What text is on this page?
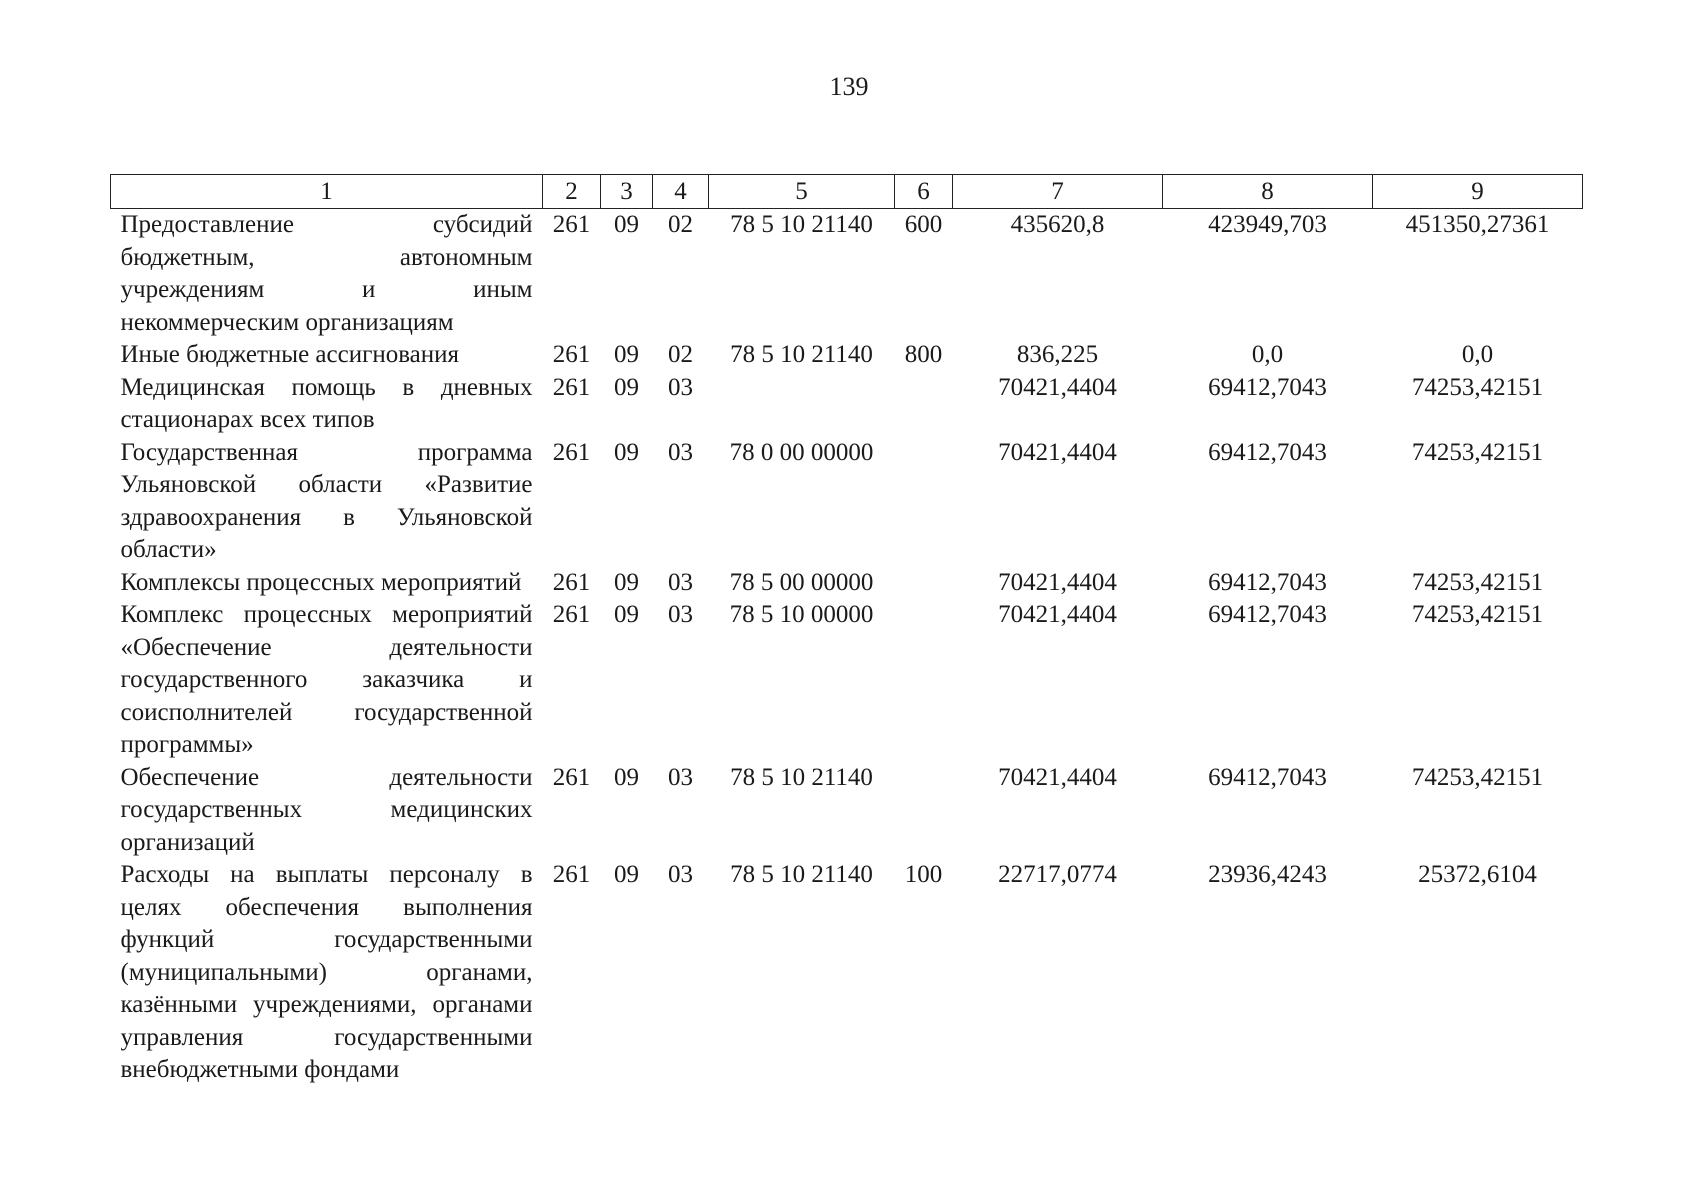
139
1	2	3	4	5	6	7	8	9
Предоставление субсидий бюджетным, автономным учреждениям и иным некоммерческим организациям	261	09	02	78 5 10 21140	600	435620,8	423949,703	451350,27361
Иные бюджетные ассигнования	261	09	02	78 5 10 21140	800	836,225	0,0	0,0
Медицинская помощь в дневных стационарах всех типов	261	09	03			70421,4404	69412,7043	74253,42151
Государственная программа Ульяновской области «Развитие здравоохранения в Ульяновской области»	261	09	03	78 0 00 00000		70421,4404	69412,7043	74253,42151
Комплексы процессных мероприятий	261	09	03	78 5 00 00000		70421,4404	69412,7043	74253,42151
Комплекс процессных мероприятий «Обеспечение деятельности государственного заказчика и соисполнителей государственной программы»	261	09	03	78 5 10 00000		70421,4404	69412,7043	74253,42151
Обеспечение деятельности государственных медицинских организаций	261	09	03	78 5 10 21140		70421,4404	69412,7043	74253,42151
Расходы на выплаты персоналу в целях обеспечения выполнения функций государственными (муниципальными) органами, казёнными учреждениями, органами управления государственными внебюджетными фондами	261	09	03	78 5 10 21140	100	22717,0774	23936,4243	25372,6104
